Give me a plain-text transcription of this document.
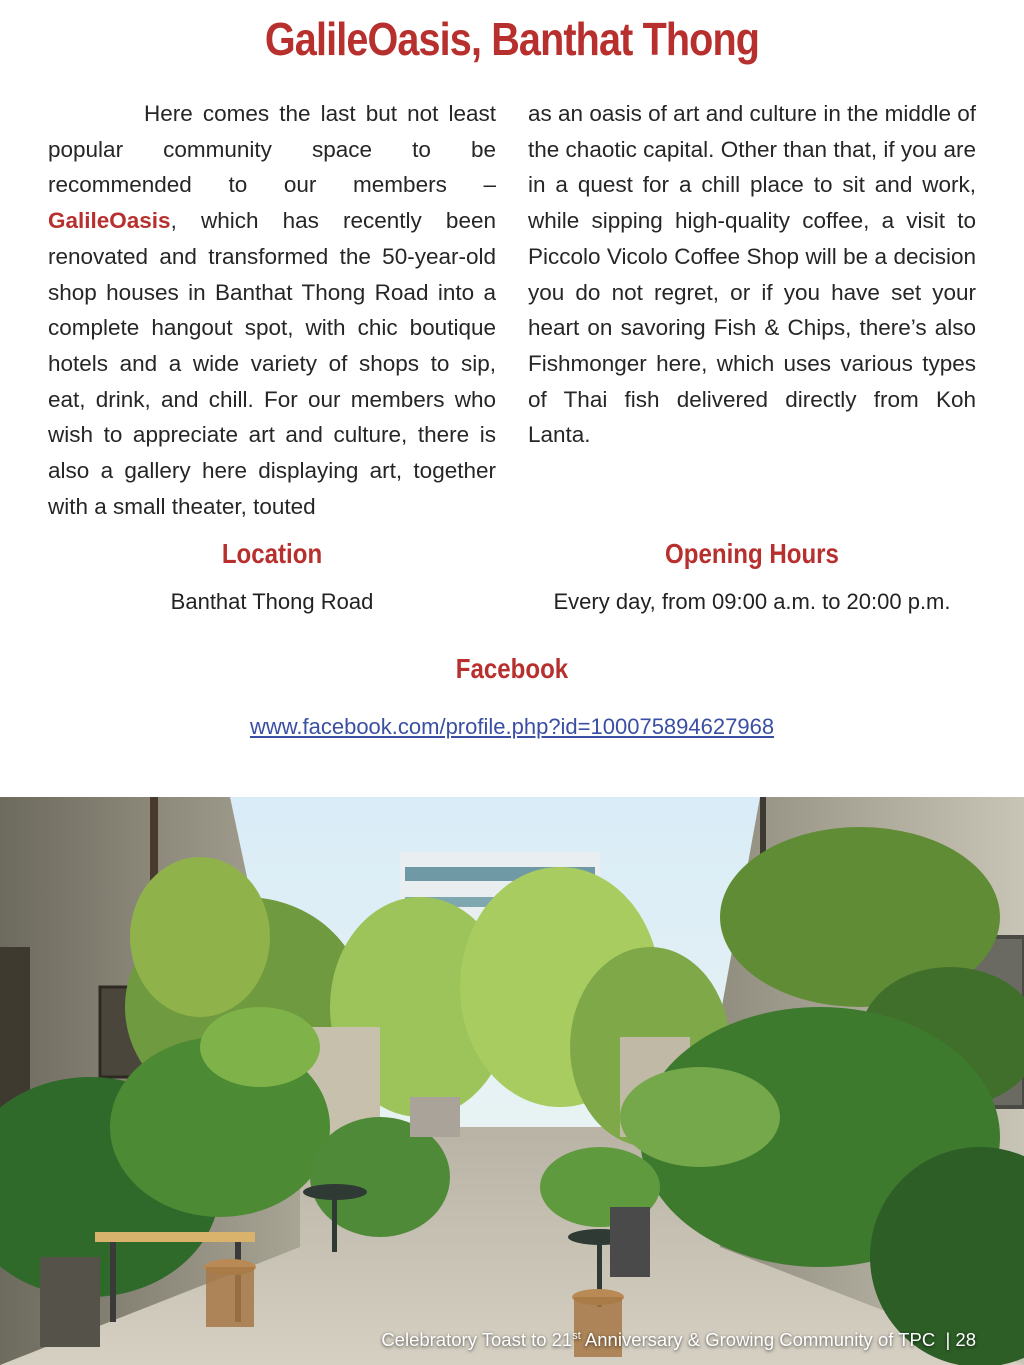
GalileOasis, Banthat Thong
Here comes the last but not least popular community space to be recommended to our members – GalileOasis, which has recently been renovated and transformed the 50-year-old shop houses in Banthat Thong Road into a complete hangout spot, with chic boutique hotels and a wide variety of shops to sip, eat, drink, and chill. For our members who wish to appreciate art and culture, there is also a gallery here displaying art, together with a small theater, touted
as an oasis of art and culture in the middle of the chaotic capital. Other than that, if you are in a quest for a chill place to sit and work, while sipping high-quality coffee, a visit to Piccolo Vicolo Coffee Shop will be a decision you do not regret, or if you have set your heart on savoring Fish & Chips, there’s also Fishmonger here, which uses various types of Thai fish delivered directly from Koh Lanta.
Location
Banthat Thong Road
Opening Hours
Every day, from 09:00 a.m. to 20:00 p.m.
Facebook
www.facebook.com/profile.php?id=100075894627968
Celebratory Toast to 21st Anniversary & Growing Community of TPC  | 28
